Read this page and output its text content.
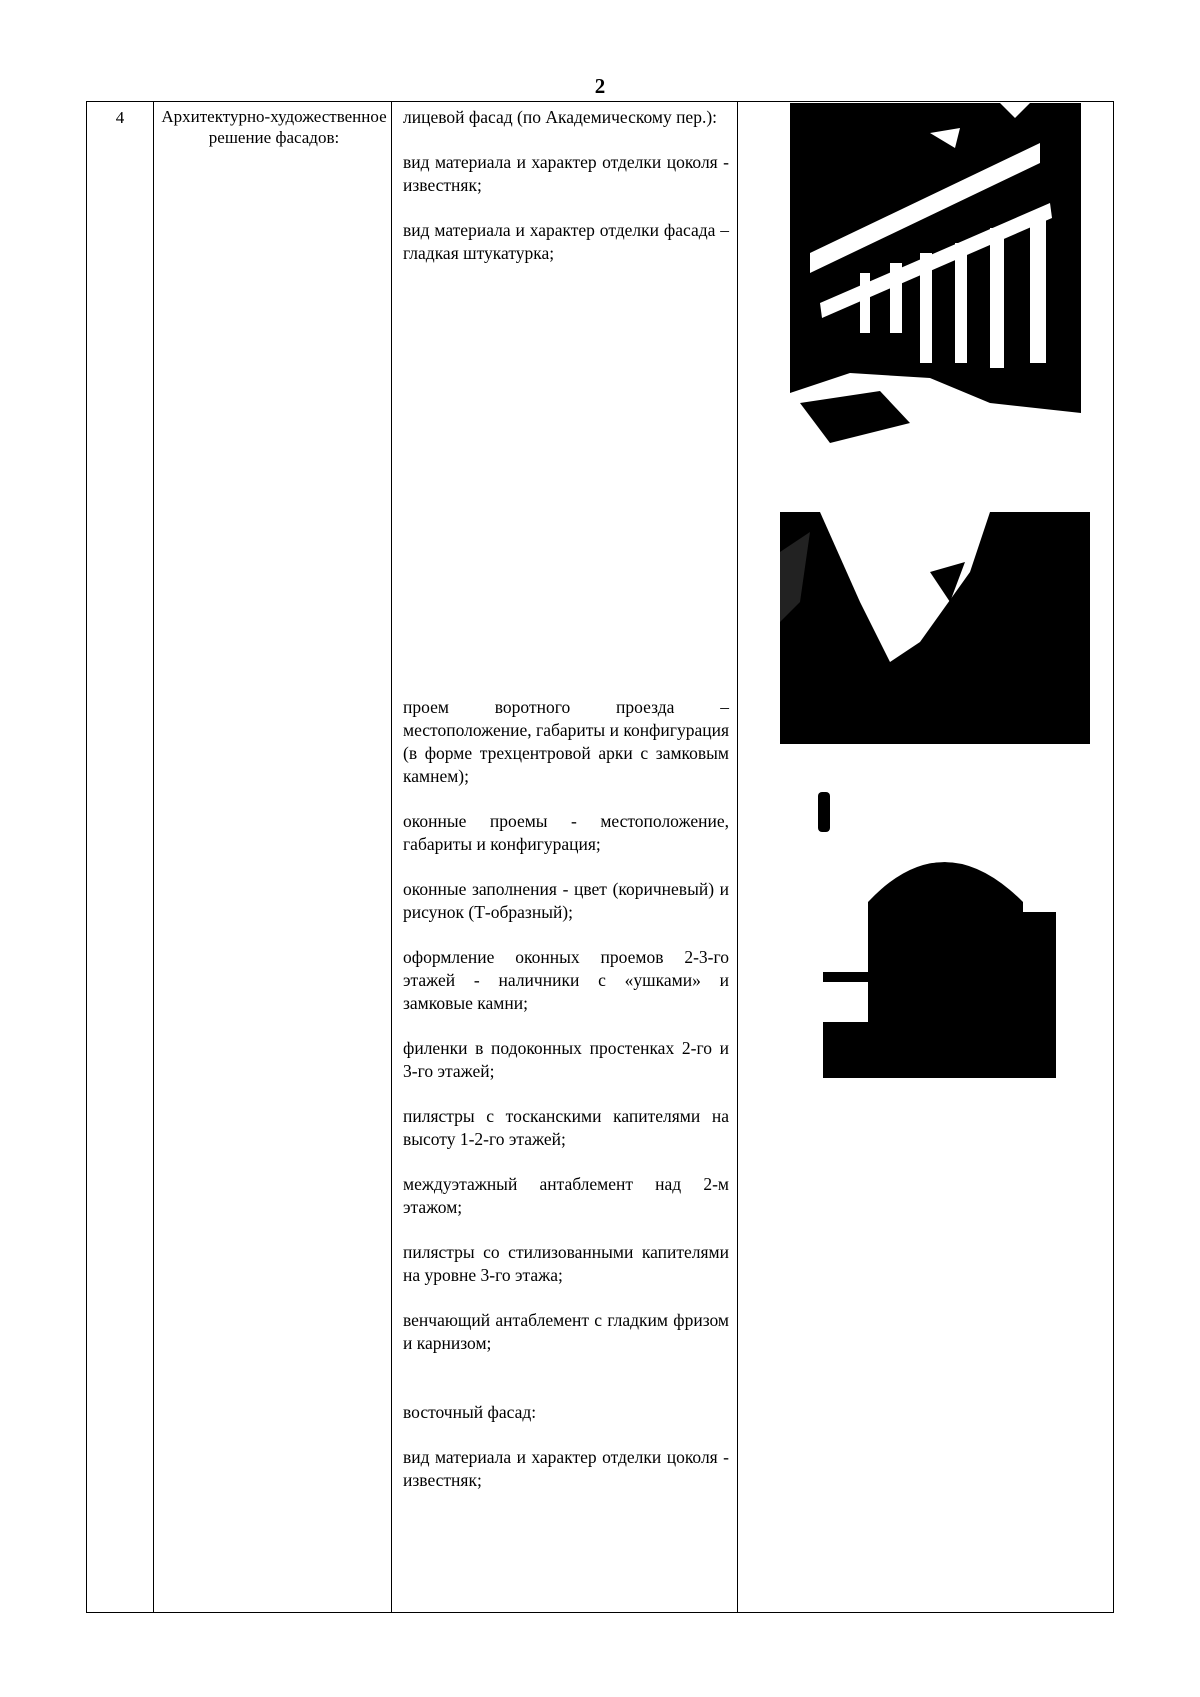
2
4	Архитектурно-художественное решение фасадов:

лицевой фасад (по Академическому пер.):

вид материала и характер отделки цоколя - известняк;

вид материала и характер отделки фасада – гладкая штукатурка;

проем воротного проезда – местоположение, габариты и конфигурация (в форме трехцентровой арки с замковым камнем);

оконные проемы - местоположение, габариты и конфигурация;

оконные заполнения - цвет (коричневый) и рисунок (Т-образный);

оформление оконных проемов 2-3-го этажей - наличники с «ушками» и замковые камни;

филенки в подоконных простенках 2-го и 3-го этажей;

пилястры с тосканскими капителями на высоту 1-2-го этажей;

междуэтажный антаблемент над 2-м этажом;

пилястры со стилизованными капителями на уровне 3-го этажа;

венчающий антаблемент с гладким фризом и карнизом;

восточный фасад:

вид материала и характер отделки цоколя - известняк;
